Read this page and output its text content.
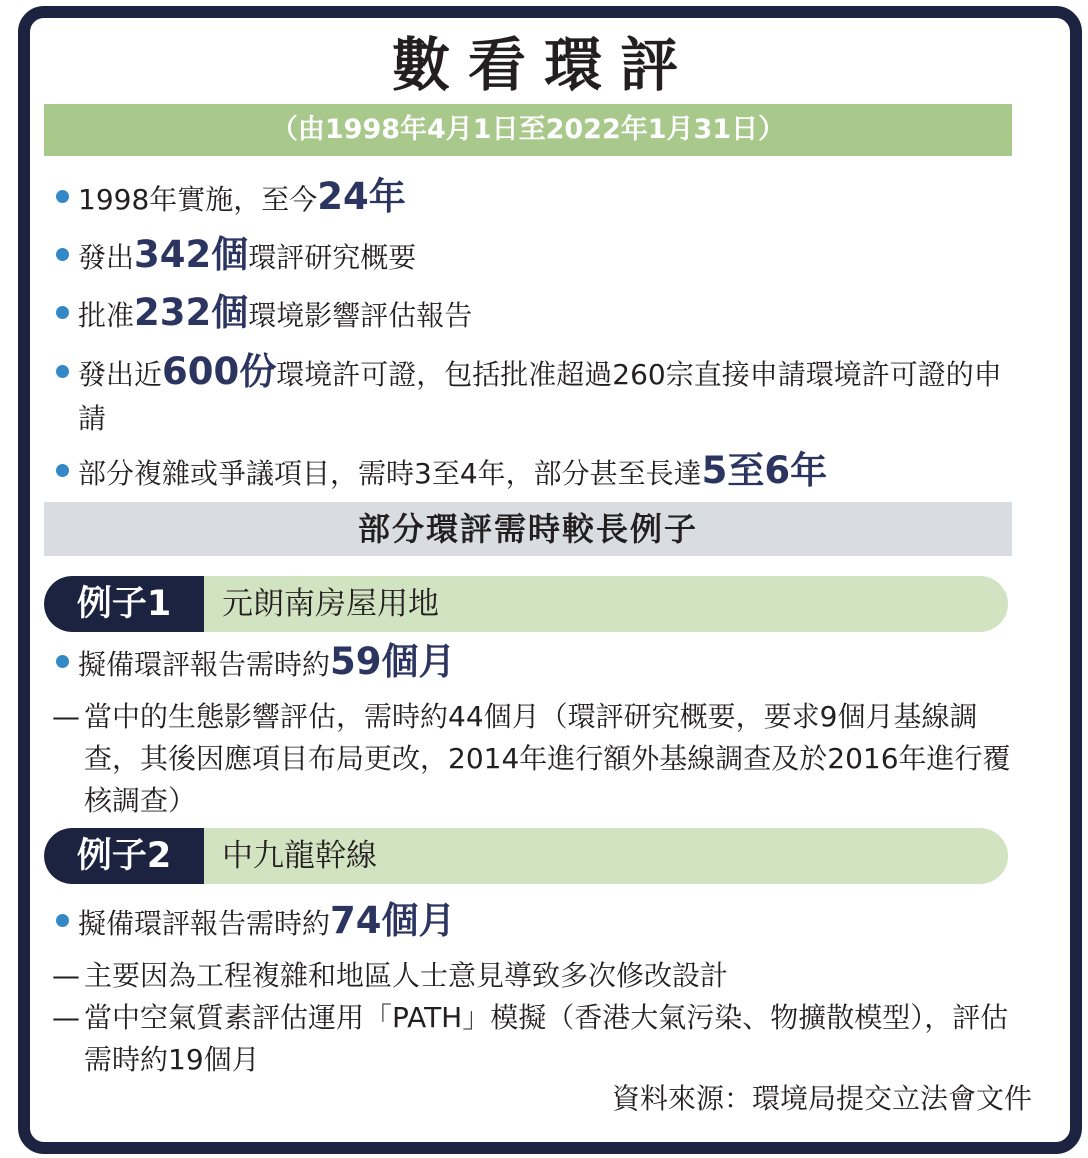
數看環評
（由1998年4月1日至2022年1月31日）
1998年實施，至今24年
發出342個環評研究概要
批准232個環境影響評估報告
發出近600份環境許可證，包括批准超過260宗直接申請環境許可證的申請
部分複雜或爭議項目，需時3至4年，部分甚至長達5至6年
部分環評需時較長例子
例子1	元朗南房屋用地
擬備環評報告需時約59個月
— 當中的生態影響評估，需時約44個月（環評研究概要，要求9個月基線調查，其後因應項目布局更改，2014年進行額外基線調查及於2016年進行覆核調查）
例子2	中九龍幹線
擬備環評報告需時約74個月
— 主要因為工程複雜和地區人士意見導致多次修改設計
— 當中空氣質素評估運用「PATH」模擬（香港大氣污染、物擴散模型），評估需時約19個月
資料來源：環境局提交立法會文件
